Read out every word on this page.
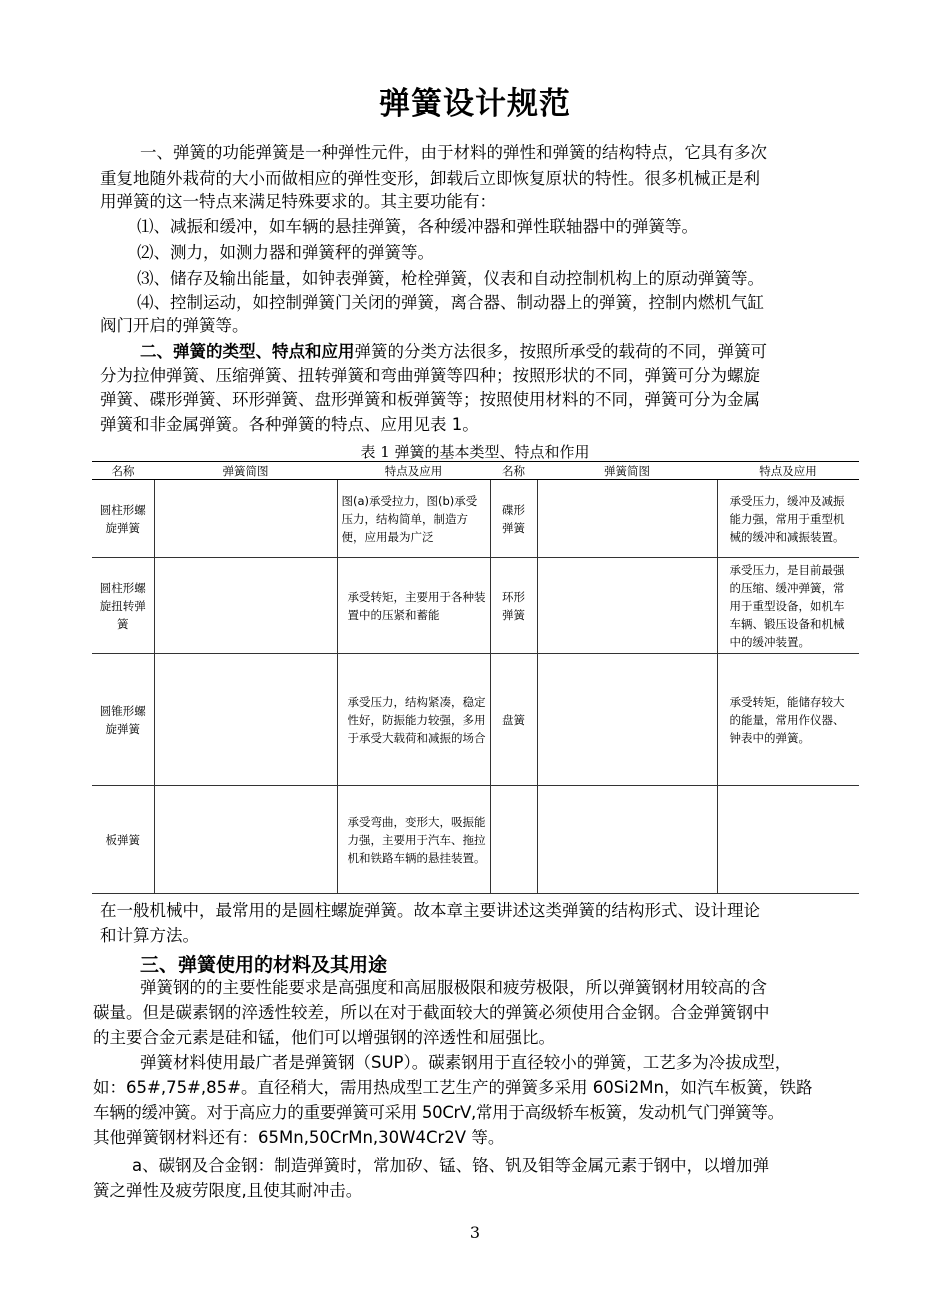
弹簧设计规范
一、弹簧的功能弹簧是一种弹性元件，由于材料的弹性和弹簧的结构特点，它具有多次
重复地随外栽荷的大小而做相应的弹性变形，卸载后立即恢复原状的特性。很多机械正是利
用弹簧的这一特点来满足特殊要求的。其主要功能有：
⑴、减振和缓冲，如车辆的悬挂弹簧，各种缓冲器和弹性联轴器中的弹簧等。
⑵、测力，如测力器和弹簧秤的弹簧等。
⑶、储存及输出能量，如钟表弹簧，枪栓弹簧，仪表和自动控制机构上的原动弹簧等。
⑷、控制运动，如控制弹簧门关闭的弹簧，离合器、制动器上的弹簧，控制内燃机气缸
阀门开启的弹簧等。
二、弹簧的类型、特点和应用弹簧的分类方法很多，按照所承受的载荷的不同，弹簧可
分为拉伸弹簧、压缩弹簧、扭转弹簧和弯曲弹簧等四种；按照形状的不同，弹簧可分为螺旋
弹簧、碟形弹簧、环形弹簧、盘形弹簧和板弹簧等；按照使用材料的不同，弹簧可分为金属
弹簧和非金属弹簧。各种弹簧的特点、应用见表 1。
表 1 弹簧的基本类型、特点和作用
名称	弹簧简图	特点及应用	名称	弹簧简图	特点及应用
圆柱形螺旋弹簧		图(a)承受拉力，图(b)承受压力，结构简单，制造方便，应用最为广泛	碟形弹簧		承受压力，缓冲及减振能力强，常用于重型机械的缓冲和减振装置。
圆柱形螺旋扭转弹簧		承受转矩，主要用于各种装置中的压紧和蓄能	环形弹簧		承受压力，是目前最强的压缩、缓冲弹簧，常用于重型设备，如机车车辆、锻压设备和机械中的缓冲装置。
圆锥形螺旋弹簧		承受压力，结构紧凑，稳定性好，防振能力较强，多用于承受大载荷和减振的场合	盘簧		承受转矩，能储存较大的能量，常用作仪器、钟表中的弹簧。
板弹簧		承受弯曲，变形大，吸振能力强，主要用于汽车、拖拉机和铁路车辆的悬挂装置。			
在一般机械中，最常用的是圆柱螺旋弹簧。故本章主要讲述这类弹簧的结构形式、设计理论
和计算方法。
三、弹簧使用的材料及其用途
弹簧钢的的主要性能要求是高强度和高屈服极限和疲劳极限，所以弹簧钢材用较高的含
碳量。但是碳素钢的淬透性较差，所以在对于截面较大的弹簧必须使用合金钢。合金弹簧钢中
的主要合金元素是硅和锰，他们可以增强钢的淬透性和屈强比。
弹簧材料使用最广者是弹簧钢（SUP）。碳素钢用于直径较小的弹簧，工艺多为冷拔成型，
如：65#,75#,85#。直径稍大，需用热成型工艺生产的弹簧多采用 60Si2Mn，如汽车板簧，铁路
车辆的缓冲簧。对于高应力的重要弹簧可采用 50CrV,常用于高级轿车板簧，发动机气门弹簧等。
其他弹簧钢材料还有：65Mn,50CrMn,30W4Cr2V 等。
a、碳钢及合金钢：制造弹簧时，常加矽、锰、铬、钒及钼等金属元素于钢中，以增加弹
簧之弹性及疲劳限度,且使其耐冲击。
3
